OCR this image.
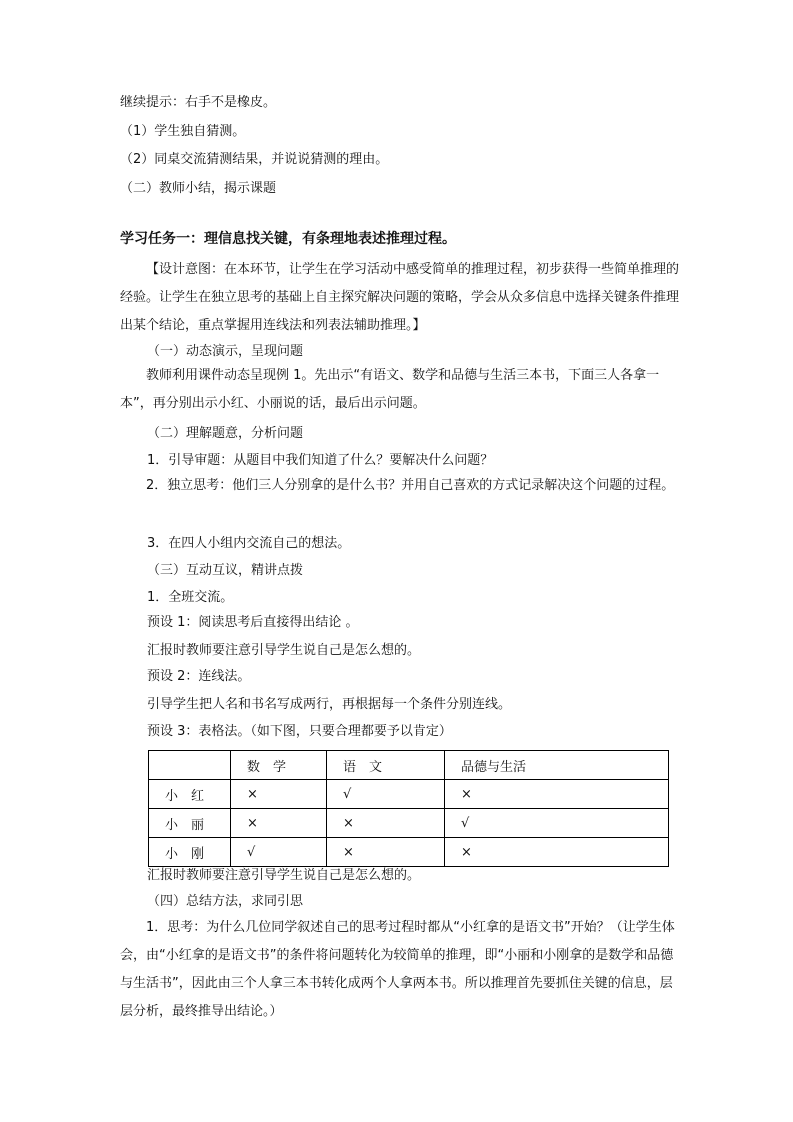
继续提示：右手不是橡皮。
（1）学生独自猜测。
（2）同桌交流猜测结果，并说说猜测的理由。
（二）教师小结，揭示课题
学习任务一：理信息找关键，有条理地表述推理过程。
【设计意图：在本环节，让学生在学习活动中感受简单的推理过程，初步获得一些简单推理的经验。让学生在独立思考的基础上自主探究解决问题的策略，学会从众多信息中选择关键条件推理出某个结论，重点掌握用连线法和列表法辅助推理。】
（一）动态演示，呈现问题
教师利用课件动态呈现例 1。先出示“有语文、数学和品德与生活三本书，下面三人各拿一本”，再分别出示小红、小丽说的话，最后出示问题。
（二）理解题意，分析问题
1．引导审题：从题目中我们知道了什么？要解决什么问题？
2．独立思考：他们三人分别拿的是什么书？并用自己喜欢的方式记录解决这个问题的过程。
3．在四人小组内交流自己的想法。
（三）互动互议，精讲点拨
1．全班交流。
预设 1：阅读思考后直接得出结论 。
汇报时教师要注意引导学生说自己是怎么想的。
预设 2：连线法。
引导学生把人名和书名写成两行，再根据每一个条件分别连线。
预设 3：表格法。（如下图，只要合理都要予以肯定）
	数　学	语　文	品德与生活
小　红	×	√	×
小　丽	×	×	√
小　刚	√	×	×
汇报时教师要注意引导学生说自己是怎么想的。
（四）总结方法，求同引思
1．思考：为什么几位同学叙述自己的思考过程时都从“小红拿的是语文书”开始？（让学生体会，由“小红拿的是语文书”的条件将问题转化为较简单的推理，即“小丽和小刚拿的是数学和品德与生活书”，因此由三个人拿三本书转化成两个人拿两本书。所以推理首先要抓住关键的信息，层层分析，最终推导出结论。）
